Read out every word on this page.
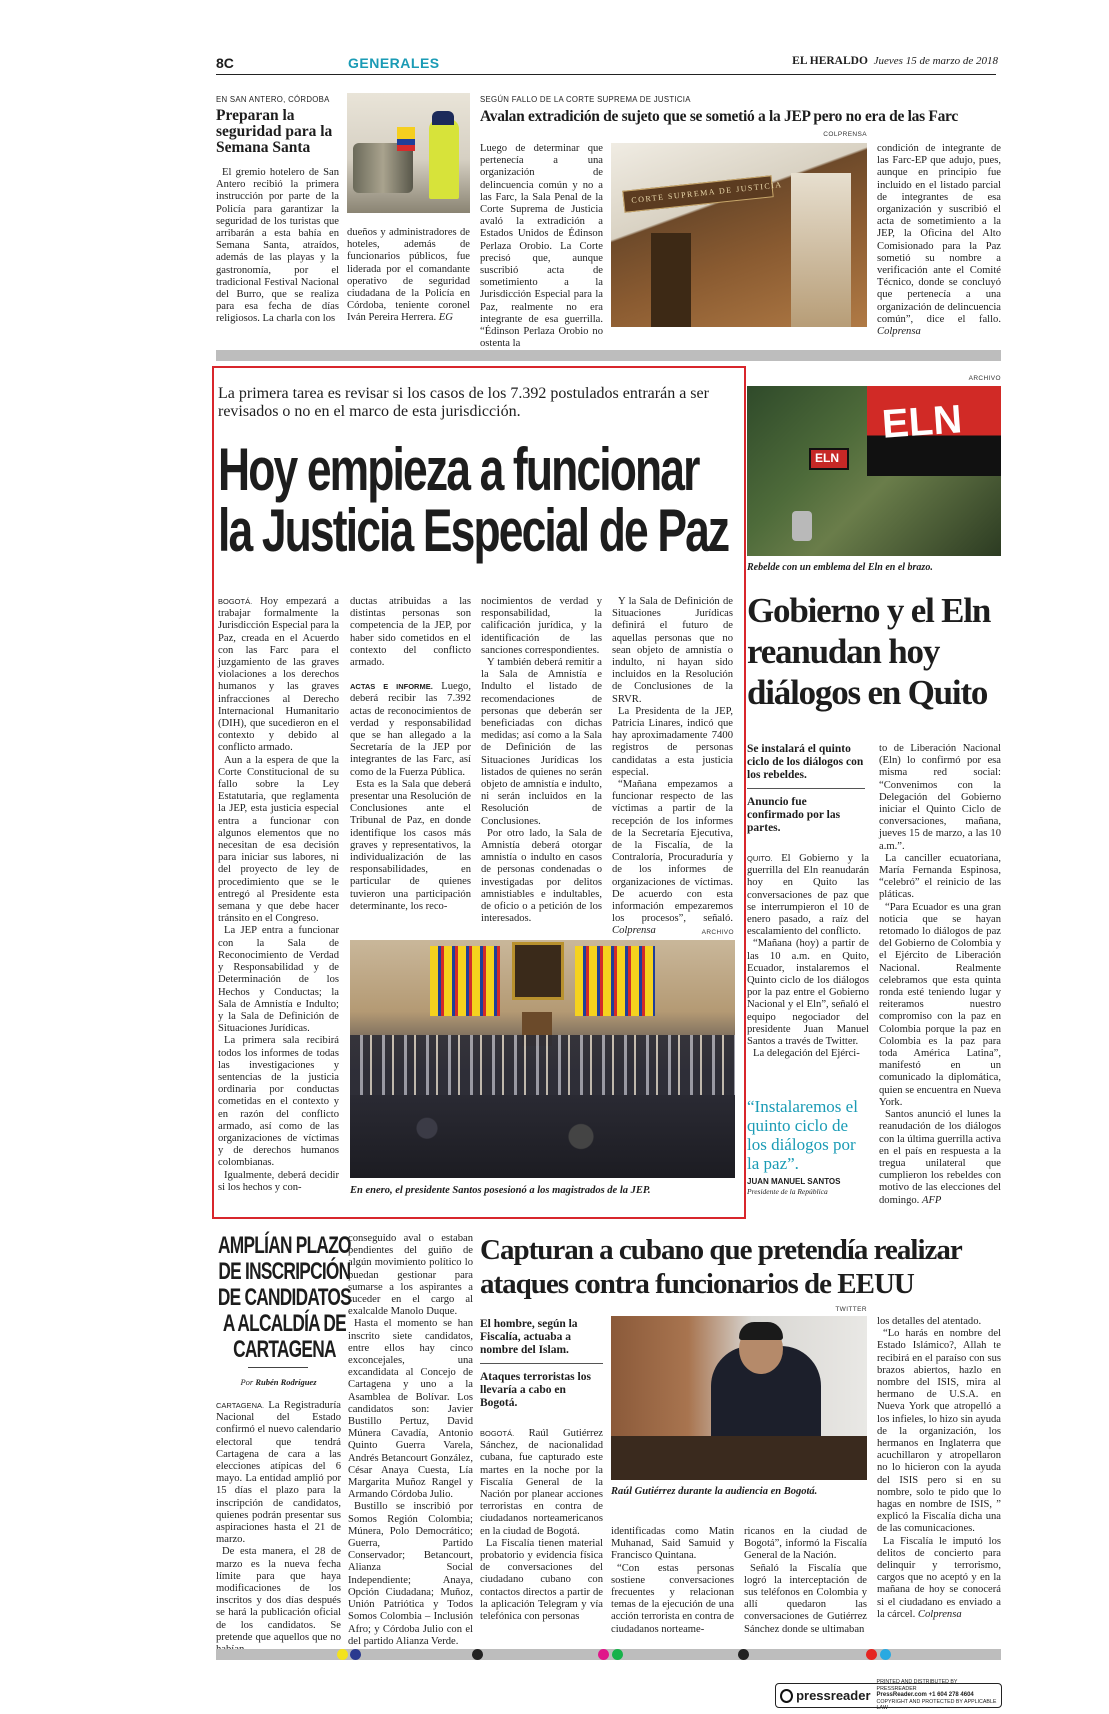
8C	GENERALES	EL HERALDO Jueves 15 de marzo de 2018
EN SAN ANTERO, CÓRDOBA
Preparan la seguridad para la Semana Santa

El gremio hotelero de San Antero recibió la primera instrucción por parte de la Policía para garantizar la seguridad de los turistas que arribarán a esta bahía en Semana Santa, atraídos, además de las playas y la gastronomía, por el tradicional Festival Nacional del Burro, que se realiza para esa fecha de días religiosos. La charla con los

dueños y administradores de hoteles, además de funcionarios públicos, fue liderada por el comandante operativo de seguridad ciudadana de la Policía en Córdoba, teniente coronel Iván Pereira Herrera. EG

SEGÚN FALLO DE LA CORTE SUPREMA DE JUSTICIA
Avalan extradición de sujeto que se sometió a la JEP pero no era de las Farc
COLPRENSA

Luego de determinar que pertenecía a una organización de delincuencia común y no a las Farc, la Sala Penal de la Corte Suprema de Justicia avaló la extradición a Estados Unidos de Édinson Perlaza Orobio. La Corte precisó que, aunque suscribió acta de sometimiento a la Jurisdicción Especial para la Paz, realmente no era integrante de esa guerrilla. “Édinson Perlaza Orobio no ostenta la

CORTE SUPREMA DE JUSTICIA

condición de integrante de las Farc-EP que adujo, pues, aunque en principio fue incluido en el listado parcial de integrantes de esa organización y suscribió el acta de sometimiento a la JEP, la Oficina del Alto Comisionado para la Paz sometió su nombre a verificación ante el Comité Técnico, donde se concluyó que pertenecía a una organización de delincuencia común”, dice el fallo. Colprensa

La primera tarea es revisar si los casos de los 7.392 postulados entrarán a ser revisados o no en el marco de esta jurisdicción.
Hoy empieza a funcionar
la Justicia Especial de Paz

BOGOTÁ. Hoy empezará a trabajar formalmente la Jurisdicción Especial para la Paz, creada en el Acuerdo con las Farc para el juzgamiento de las graves violaciones a los derechos humanos y las graves infracciones al Derecho Internacional Humanitario (DIH), que sucedieron en el contexto y debido al conflicto armado.

Aun a la espera de que la Corte Constitucional de su fallo sobre la Ley Estatutaria, que reglamenta la JEP, esta justicia especial entra a funcionar con algunos elementos que no necesitan de esa decisión para iniciar sus labores, ni del proyecto de ley de procedimiento que se le entregó al Presidente esta semana y que debe hacer tránsito en el Congreso.

La JEP entra a funcionar con la Sala de Reconocimiento de Verdad y Responsabilidad y de Determinación de los Hechos y Conductas; la Sala de Amnistía e Indulto; y la Sala de Definición de Situaciones Jurídicas.

La primera sala recibirá todos los informes de todas las investigaciones y sentencias de la justicia ordinaria por conductas cometidas en el contexto y en razón del conflicto armado, así como de las organizaciones de víctimas y de derechos humanos colombianas.

Igualmente, deberá decidir si los hechos y con-

ductas atribuidas a las distintas personas son competencia de la JEP, por haber sido cometidos en el contexto del conflicto armado.

ACTAS E INFORME. Luego, deberá recibir las 7.392 actas de reconocimientos de verdad y responsabilidad que se han allegado a la Secretaría de la JEP por integrantes de las Farc, así como de la Fuerza Pública.

Esta es la Sala que deberá presentar una Resolución de Conclusiones ante el Tribunal de Paz, en donde identifique los casos más graves y representativos, la individualización de las responsabilidades, en particular de quienes tuvieron una participación determinante, los reco-

nocimientos de verdad y responsabilidad, la calificación jurídica, y la identificación de las sanciones correspondientes.

Y también deberá remitir a la Sala de Amnistía e Indulto el listado de recomendaciones de personas que deberán ser beneficiadas con dichas medidas; así como a la Sala de Definición de las Situaciones Jurídicas los listados de quienes no serán objeto de amnistía e indulto, ni serán incluidos en la Resolución de Conclusiones.

Por otro lado, la Sala de Amnistía deberá otorgar amnistía o indulto en casos de personas condenadas o investigadas por delitos amnistiables e indultables, de oficio o a petición de los interesados.

Y la Sala de Definición de Situaciones Jurídicas definirá el futuro de aquellas personas que no sean objeto de amnistía o indulto, ni hayan sido incluidos en la Resolución de Conclusiones de la SRVR.

La Presidenta de la JEP, Patricia Linares, indicó que hay aproximadamente 7400 registros de personas candidatas a esta justicia especial.

“Mañana empezamos a funcionar respecto de las víctimas a partir de la recepción de los informes de la Secretaría Ejecutiva, de la Fiscalía, de la Contraloría, Procuraduría y de los informes de organizaciones de víctimas. De acuerdo con esta información empezaremos los procesos”, señaló. Colprensa	ARCHIVO
En enero, el presidente Santos posesionó a los magistrados de la JEP.
ARCHIVO
ELN
ELN
Rebelde con un emblema del Eln en el brazo.
Gobierno y el Eln reanudan hoy diálogos en Quito
Se instalará el quinto ciclo de los diálogos con los rebeldes.
Anuncio fue confirmado por las partes.

QUITO. El Gobierno y la guerrilla del Eln reanudarán hoy en Quito las conversaciones de paz que se interrumpieron el 10 de enero pasado, a raíz del escalamiento del conflicto.

“Mañana (hoy) a partir de las 10 a.m. en Quito, Ecuador, instalaremos el Quinto ciclo de los diálogos por la paz entre el Gobierno Nacional y el Eln”, señaló el equipo negociador del presidente Juan Manuel Santos a través de Twitter.

La delegación del Ejérci-

“Instalaremos el quinto ciclo de los diálogos por la paz”.
JUAN MANUEL SANTOS
Presidente de la República

to de Liberación Nacional (Eln) lo confirmó por esa misma red social: “Convenimos con la Delegación del Gobierno iniciar el Quinto Ciclo de conversaciones, mañana, jueves 15 de marzo, a las 10 a.m.”.

La canciller ecuatoriana, María Fernanda Espinosa, “celebró” el reinicio de las pláticas.

“Para Ecuador es una gran noticia que se hayan retomado lo diálogos de paz del Gobierno de Colombia y el Ejército de Liberación Nacional. Realmente celebramos que esta quinta ronda esté teniendo lugar y reiteramos nuestro compromiso con la paz en Colombia porque la paz en Colombia es la paz para toda América Latina”, manifestó en un comunicado la diplomática, quien se encuentra en Nueva York.

Santos anunció el lunes la reanudación de los diálogos con la última guerrilla activa en el país en respuesta a la tregua unilateral que cumplieron los rebeldes con motivo de las elecciones del domingo. AFP

AMPLÍAN PLAZO DE INSCRIPCIÓN DE CANDIDATOS A ALCALDÍA DE CARTAGENA
Por Rubén Rodríguez

CARTAGENA. La Registraduría Nacional del Estado confirmó el nuevo calendario electoral que tendrá Cartagena de cara a las elecciones atípicas del 6 mayo. La entidad amplió por 15 días el plazo para la inscripción de candidatos, quienes podrán presentar sus aspiraciones hasta el 21 de marzo.

De esta manera, el 28 de marzo es la nueva fecha límite para que haya modificaciones de los inscritos y dos días después se hará la publicación oficial de los candidatos. Se pretende que aquellos que no

conseguido aval o estaban pendientes del guiño de algún movimiento político lo puedan gestionar para sumarse a los aspirantes a suceder en el cargo al exalcalde Manolo Duque.

Hasta el momento se han inscrito siete candidatos, entre ellos hay cinco exconcejales, una excandidata al Concejo de Cartagena y uno a la Asamblea de Bolívar. Los candidatos son: Javier Bustillo Pertuz, David Múnera Cavadía, Antonio Quinto Guerra Varela, Andrés Betancourt González, César Anaya Cuesta, Lía Margarita Muñoz Rangel y Armando Córdoba Julio.

Bustillo se inscribió por Somos Región Colombia; Múnera, Polo Democrático; Guerra, Partido Conservador; Betancourt, Alianza Social Independiente; Anaya, Opción Ciudadana; Muñoz, Unión Patriótica y Todos Somos Colombia – Inclusión Afro; y Córdoba Julio con el del partido Alianza Verde.

Capturan a cubano que pretendía realizar ataques contra funcionarios de EEUU
El hombre, según la Fiscalía, actuaba a nombre del Islam.
Ataques terroristas los llevaría a cabo en Bogotá.
TWITTER
Raúl Gutiérrez durante la audiencia en Bogotá.

BOGOTÁ. Raúl Gutiérrez Sánchez, de nacionalidad cubana, fue capturado este martes en la noche por la Fiscalía General de la Nación por planear acciones terroristas en contra de ciudadanos norteamericanos en la ciudad de Bogotá.

La Fiscalía tienen material probatorio y evidencia física de conversaciones del ciudadano cubano con contactos directos a partir de la aplicación Telegram y vía telefónica con personas

identificadas como Matin Muhanad, Said Samuid y Francisco Quintana.

“Con estas personas sostiene conversaciones frecuentes y relacionan temas de la ejecución de una acción terrorista en contra de ciudadanos norteame-

ricanos en la ciudad de Bogotá”, informó la Fiscalía General de la Nación.

Señaló la Fiscalía que logró la interceptación de sus teléfonos en Colombia y allí quedaron las conversaciones de Gutiérrez Sánchez donde se ultimaban

los detalles del atentado.

“Lo harás en nombre del Estado Islámico?, Allah te recibirá en el paraíso con sus brazos abiertos, hazlo en nombre del ISIS, mira al hermano de U.S.A. en Nueva York que atropelló a los infieles, lo hizo sin ayuda de la organización, los hermanos en Inglaterra que acuchillaron y atropellaron no lo hicieron con la ayuda del ISIS pero si en su nombre, solo te pido que lo hagas en nombre de ISIS, ” explicó la Fiscalía dicha una de las comunicaciones.

La Fiscalía le imputó los delitos de concierto para delinquir y terrorismo, cargos que no aceptó y en la mañana de hoy se conocerá si el ciudadano es enviado a la cárcel. Colprensa

pressreader
PRINTED AND DISTRIBUTED BY PRESSREADER
PressReader.com +1 604 278 4604
COPYRIGHT AND PROTECTED BY APPLICABLE LAW
